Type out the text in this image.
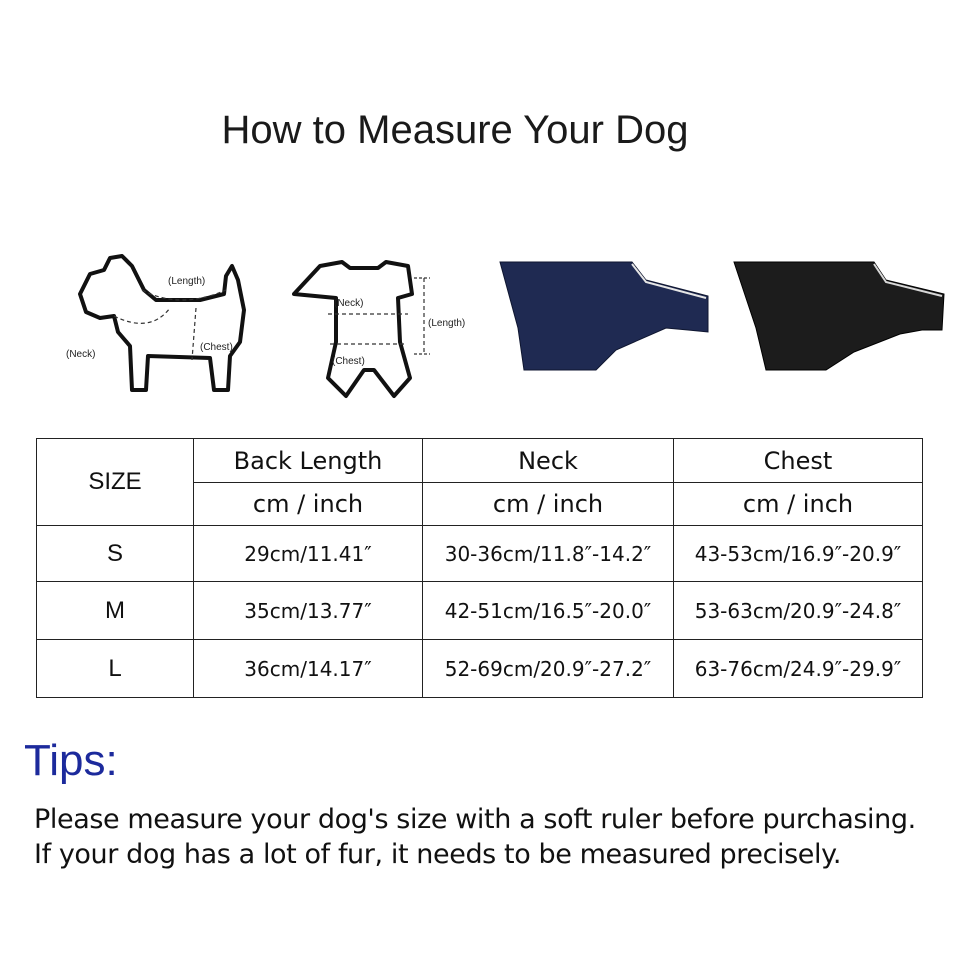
How to Measure Your Dog
(Length)
(Neck)
(Chest)
(Neck)
(Length)
(Chest)
SIZE	Back Length	Neck	Chest
	cm / inch	cm / inch	cm / inch
S	29cm/11.41″	30-36cm/11.8″-14.2″	43-53cm/16.9″-20.9″
M	35cm/13.77″	42-51cm/16.5″-20.0″	53-63cm/20.9″-24.8″
L	36cm/14.17″	52-69cm/20.9″-27.2″	63-76cm/24.9″-29.9″
Tips:
Please measure your dog's size with a soft ruler before purchasing.
If your dog has a lot of fur, it needs to be measured precisely.
